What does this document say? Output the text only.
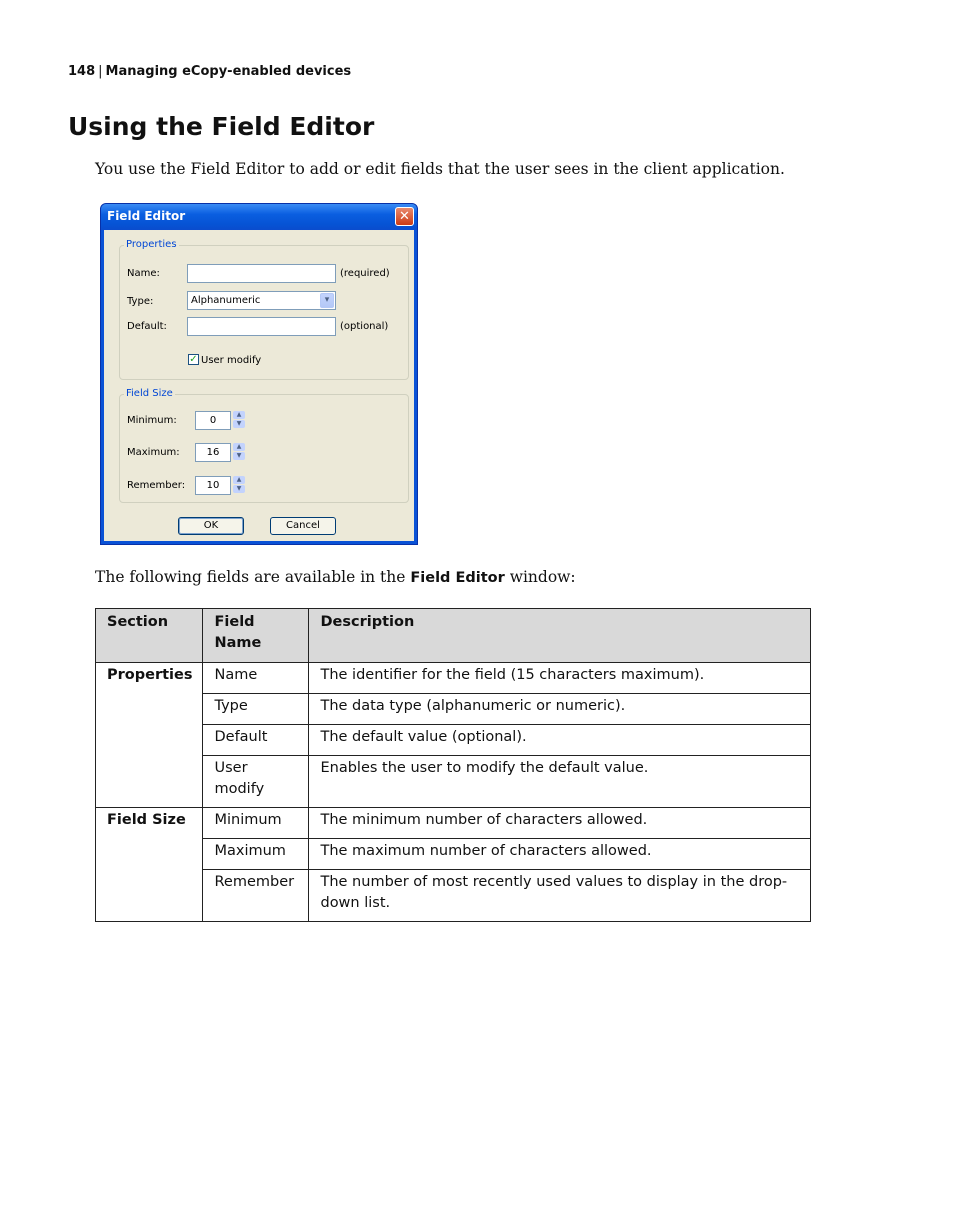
148 | Managing eCopy-enabled devices
Using the Field Editor

You use the Field Editor to add or edit fields that the user sees in the client application.

Field Editor	✕
Properties
Name:	(required)
Type:	Alphanumeric	▾
Default:	(optional)
✓ User modify
Field Size
Minimum:	0
▲
▼
Maximum:	16
▲
▼
Remember:	10
▲
▼
OK	Cancel

The following fields are available in the Field Editor window:

Section	Field Name	Description
Properties	Name	The identifier for the field (15 characters maximum).
	Type	The data type (alphanumeric or numeric).
	Default	The default value (optional).
	User modify	Enables the user to modify the default value.
Field Size	Minimum	The minimum number of characters allowed.
	Maximum	The maximum number of characters allowed.
	Remember	The number of most recently used values to display in the drop-down list.
